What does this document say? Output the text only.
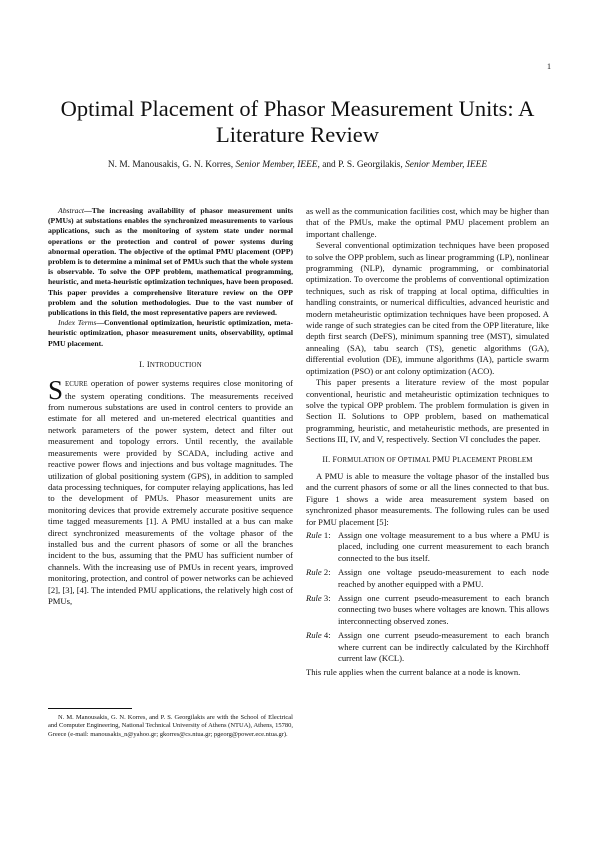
1
Optimal Placement of Phasor Measurement Units: A Literature Review
N. M. Manousakis, G. N. Korres, Senior Member, IEEE, and P. S. Georgilakis, Senior Member, IEEE

Abstract—The increasing availability of phasor measurement units (PMUs) at substations enables the synchronized measurements to various applications, such as the monitoring of system state under normal operations or the protection and control of power systems during abnormal operation. The objective of the optimal PMU placement (OPP) problem is to determine a minimal set of PMUs such that the whole system is observable. To solve the OPP problem, mathematical programming, heuristic, and meta-heuristic optimization techniques, have been proposed. This paper provides a comprehensive literature review on the OPP problem and the solution methodologies. Due to the vast number of publications in this field, the most representative papers are reviewed.

Index Terms—Conventional optimization, heuristic optimization, meta-heuristic optimization, phasor measurement units, observability, optimal PMU placement.

I. INTRODUCTION

SECURE operation of power systems requires close monitoring of the system operating conditions. The measurements received from numerous substations are used in control centers to provide an estimate for all metered and un-metered electrical quantities and network parameters of the power system, detect and filter out measurement and topology errors. Until recently, the available measurements were provided by SCADA, including active and reactive power flows and injections and bus voltage magnitudes. The utilization of global positioning system (GPS), in addition to sampled data processing techniques, for computer relaying applications, has led to the development of PMUs. Phasor measurement units are monitoring devices that provide extremely accurate positive sequence time tagged measurements [1]. A PMU installed at a bus can make direct synchronized measurements of the voltage phasor of the installed bus and the current phasors of some or all the branches incident to the bus, assuming that the PMU has sufficient number of channels. With the increasing use of PMUs in recent years, improved monitoring, protection, and control of power networks can be achieved [2], [3], [4]. The intended PMU applications, the relatively high cost of PMUs,

N. M. Manousakis, G. N. Korres, and P. S. Georgilakis are with the School of Electrical and Computer Engineering, National Technical University of Athens (NTUA), Athens, 15780, Greece (e-mail: manousakis_n@yahoo.gr; gkorres@cs.ntua.gr; pgeorg@power.ece.ntua.gr).

as well as the communication facilities cost, which may be higher than that of the PMUs, make the optimal PMU placement problem an important challenge.

Several conventional optimization techniques have been proposed to solve the OPP problem, such as linear programming (LP), nonlinear programming (NLP), dynamic programming, or combinatorial optimization. To overcome the problems of conventional optimization techniques, such as risk of trapping at local optima, difficulties in handling constraints, or numerical difficulties, advanced heuristic and modern metaheuristic optimization techniques have been proposed. A wide range of such strategies can be cited from the OPP literature, like depth first search (DeFS), minimum spanning tree (MST), simulated annealing (SA), tabu search (TS), genetic algorithms (GA), differential evolution (DE), immune algorithms (IA), particle swarm optimization (PSO) or ant colony optimization (ACO).

This paper presents a literature review of the most popular conventional, heuristic and metaheuristic optimization techniques to solve the typical OPP problem. The problem formulation is given in Section II. Solutions to OPP problem, based on mathematical programming, heuristic, and metaheuristic methods, are presented in Sections III, IV, and V, respectively. Section VI concludes the paper.

II. FORMULATION OF OPTIMAL PMU PLACEMENT PROBLEM

A PMU is able to measure the voltage phasor of the installed bus and the current phasors of some or all the lines connected to that bus. Figure 1 shows a wide area measurement system based on synchronized phasor measurements. The following rules can be used for PMU placement [5]:

Rule 1: Assign one voltage measurement to a bus where a PMU is placed, including one current measurement to each branch connected to the bus itself.
Rule 2: Assign one voltage pseudo-measurement to each node reached by another equipped with a PMU.
Rule 3: Assign one current pseudo-measurement to each branch connecting two buses where voltages are known. This allows interconnecting observed zones.
Rule 4: Assign one current pseudo-measurement to each branch where current can be indirectly calculated by the Kirchhoff current law (KCL).

This rule applies when the current balance at a node is known.
